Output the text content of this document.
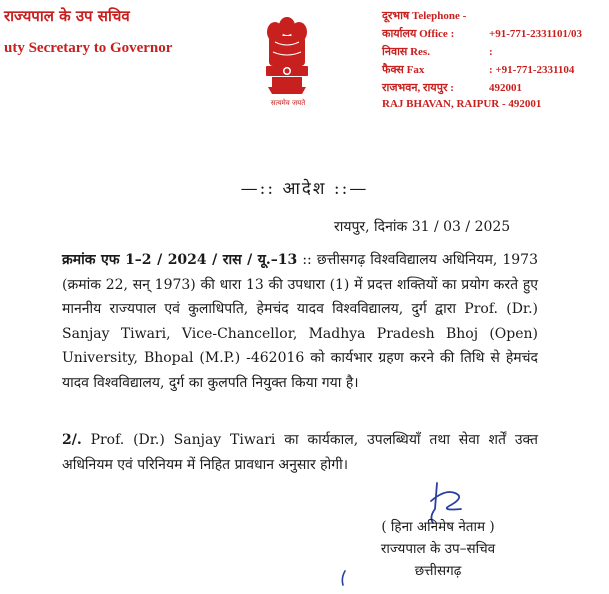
राज्यपाल के उप सचिव
uty Secretary to Governor
सत्यमेव जयते
दूरभाष Telephone -
कार्यालय Office :	+91-771-2331101/03
निवास Res.	:
फैक्स Fax	: +91-771-2331104
राजभवन, रायपुर :	492001
RAJ BHAVAN, RAIPUR - 492001
—:: आदेश ::—
रायपुर, दिनांक 31 / 03 / 2025
क्रमांक एफ 1–2 / 2024 / रास / यू.–13 :: छत्तीसगढ़ विश्वविद्यालय अधिनियम, 1973 (क्रमांक 22, सन् 1973) की धारा 13 की उपधारा (1) में प्रदत्त शक्तियों का प्रयोग करते हुए माननीय राज्यपाल एवं कुलाधिपति, हेमचंद यादव विश्वविद्यालय, दुर्ग द्वारा Prof. (Dr.) Sanjay Tiwari, Vice-Chancellor, Madhya Pradesh Bhoj (Open) University, Bhopal (M.P.) -462016 को कार्यभार ग्रहण करने की तिथि से हेमचंद यादव विश्वविद्यालय, दुर्ग का कुलपति नियुक्त किया गया है।
2/. Prof. (Dr.) Sanjay Tiwari का कार्यकाल, उपलब्धियॉं तथा सेवा शर्तें उक्त अधिनियम एवं परिनियम में निहित प्रावधान अनुसार होगी।
( हिना अनिमेष नेताम )
राज्यपाल के उप–सचिव
छत्तीसगढ़
